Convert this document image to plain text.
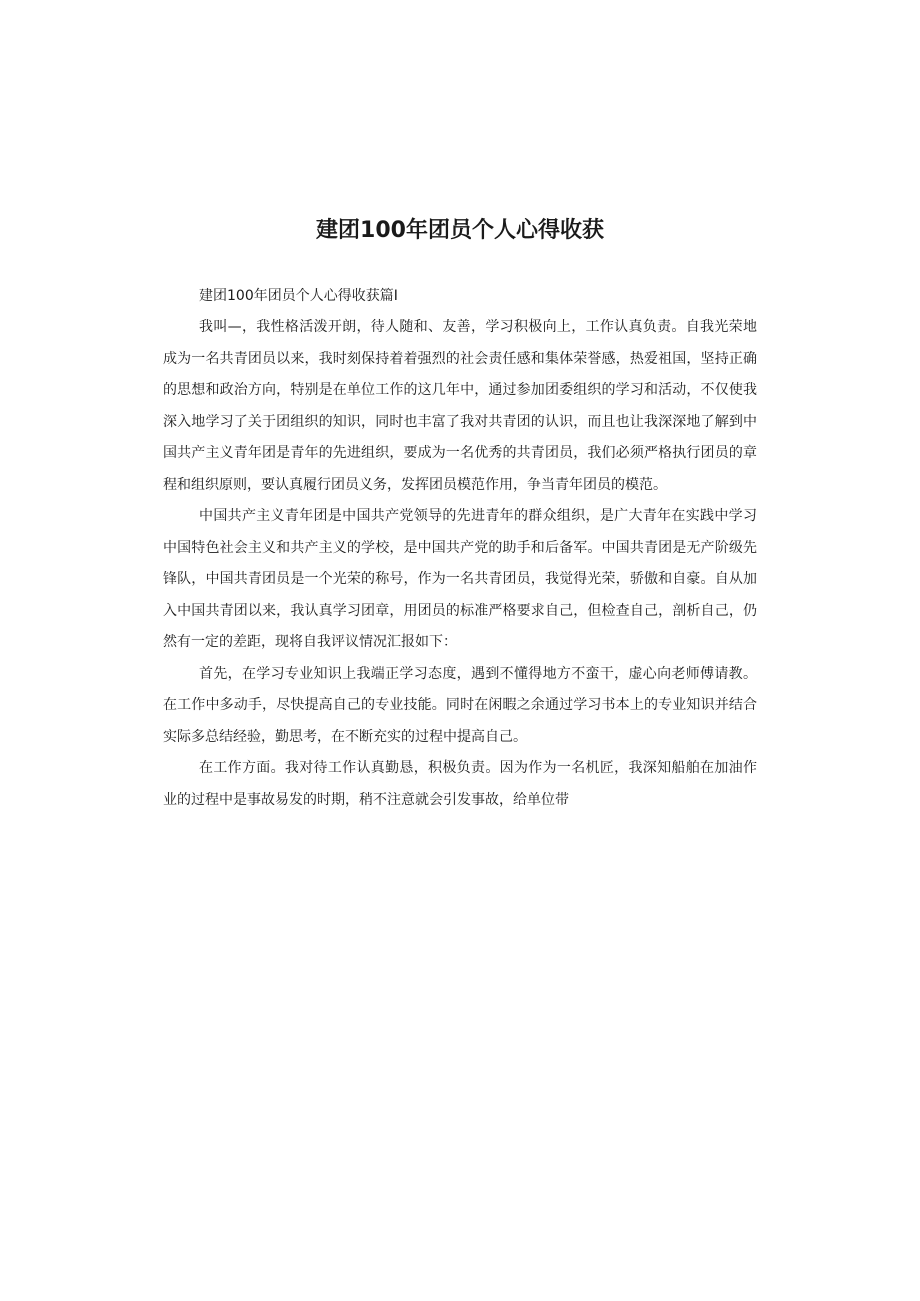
建团100年团员个人心得收获

建团100年团员个人心得收获篇I

我叫—，我性格活泼开朗，待人随和、友善，学习积极向上，工作认真负责。自我光荣地成为一名共青团员以来，我时刻保持着着强烈的社会责任感和集体荣誉感，热爱祖国，坚持正确的思想和政治方向，特别是在单位工作的这几年中，通过参加团委组织的学习和活动，不仅使我深入地学习了关于团组织的知识，同时也丰富了我对共青团的认识，而且也让我深深地了解到中国共产主义青年团是青年的先进组织，要成为一名优秀的共青团员，我们必须严格执行团员的章程和组织原则，要认真履行团员义务，发挥团员模范作用，争当青年团员的模范。

中国共产主义青年团是中国共产党领导的先进青年的群众组织，是广大青年在实践中学习中国特色社会主义和共产主义的学校，是中国共产党的助手和后备军。中国共青团是无产阶级先锋队，中国共青团员是一个光荣的称号，作为一名共青团员，我觉得光荣，骄傲和自豪。自从加入中国共青团以来，我认真学习团章，用团员的标准严格要求自己，但检查自己，剖析自己，仍然有一定的差距，现将自我评议情况汇报如下：

首先，在学习专业知识上我端正学习态度，遇到不懂得地方不蛮干，虚心向老师傅请教。在工作中多动手，尽快提高自己的专业技能。同时在闲暇之余通过学习书本上的专业知识并结合实际多总结经验，勤思考，在不断充实的过程中提高自己。

在工作方面。我对待工作认真勤恳，积极负责。因为作为一名机匠，我深知船舶在加油作业的过程中是事故易发的时期，稍不注意就会引发事故，给单位带
